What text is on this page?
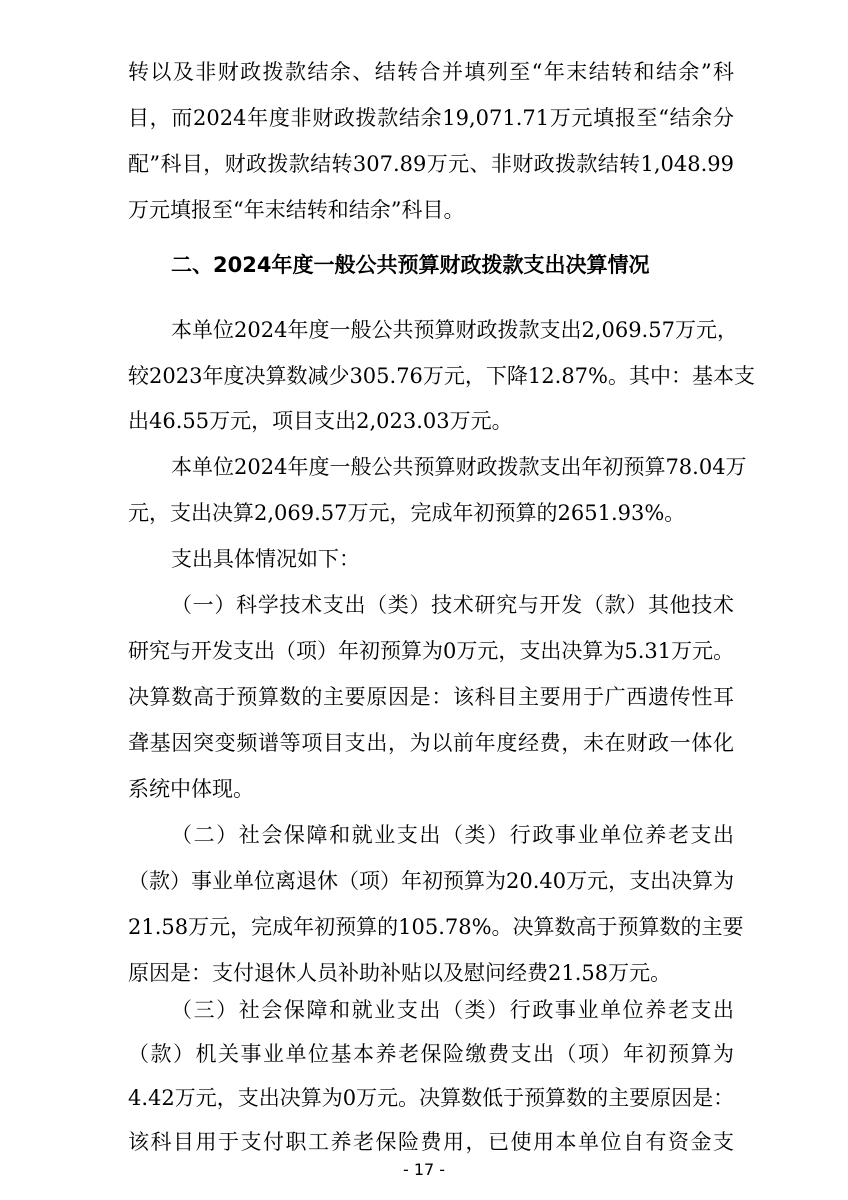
转以及非财政拨款结余、结转合并填列至“年末结转和结余”科
目，而2024年度非财政拨款结余19,071.71万元填报至“结余分
配”科目，财政拨款结转307.89万元、非财政拨款结转1,048.99
万元填报至“年末结转和结余”科目。
二、2024年度一般公共预算财政拨款支出决算情况
本单位2024年度一般公共预算财政拨款支出2,069.57万元，
较2023年度决算数减少305.76万元，下降12.87%。其中：基本支
出46.55万元，项目支出2,023.03万元。
本单位2024年度一般公共预算财政拨款支出年初预算78.04万
元，支出决算2,069.57万元，完成年初预算的2651.93%。
支出具体情况如下：
（一）科学技术支出（类）技术研究与开发（款）其他技术
研究与开发支出（项）年初预算为0万元，支出决算为5.31万元。
决算数高于预算数的主要原因是：该科目主要用于广西遗传性耳
聋基因突变频谱等项目支出，为以前年度经费，未在财政一体化
系统中体现。
（二）社会保障和就业支出（类）行政事业单位养老支出
（款）事业单位离退休（项）年初预算为20.40万元，支出决算为
21.58万元，完成年初预算的105.78%。决算数高于预算数的主要
原因是：支付退休人员补助补贴以及慰问经费21.58万元。
（三）社会保障和就业支出（类）行政事业单位养老支出
（款）机关事业单位基本养老保险缴费支出（项）年初预算为
4.42万元，支出决算为0万元。决算数低于预算数的主要原因是：
- 17 -
该科目用于支付职工养老保险费用，已使用本单位自有资金支
